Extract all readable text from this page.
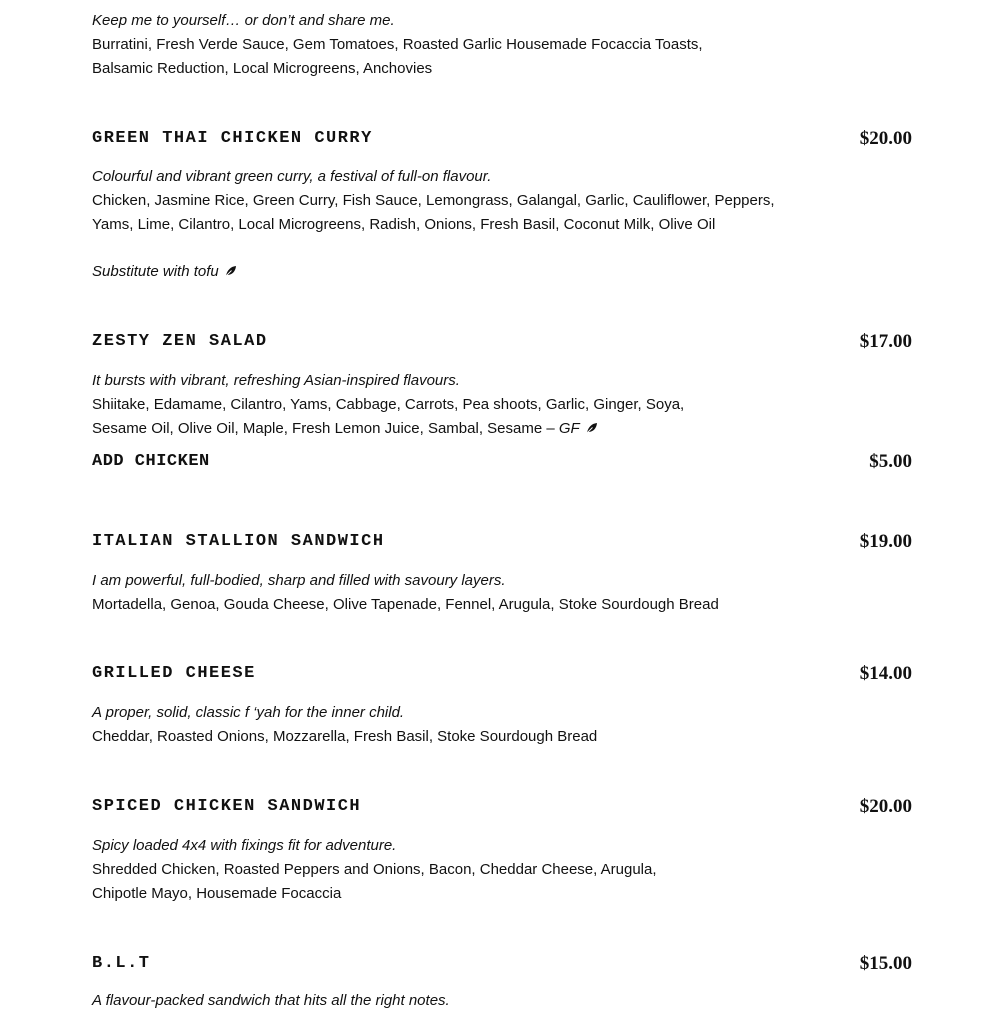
Keep me to yourself… or don’t and share me.
Burratini, Fresh Verde Sauce, Gem Tomatoes, Roasted Garlic Housemade Focaccia Toasts,
Balsamic Reduction, Local Microgreens, Anchovies
GREEN THAI CHICKEN CURRY	$20.00
Colourful and vibrant green curry, a festival of full-on flavour.
Chicken, Jasmine Rice, Green Curry, Fish Sauce, Lemongrass, Galangal, Garlic, Cauliflower, Peppers,
Yams, Lime, Cilantro, Local Microgreens, Radish, Onions, Fresh Basil, Coconut Milk, Olive Oil
Substitute with tofu
ZESTY ZEN SALAD	$17.00
It bursts with vibrant, refreshing Asian-inspired flavours.
Shiitake, Edamame, Cilantro, Yams, Cabbage, Carrots, Pea shoots, Garlic, Ginger, Soya,
Sesame Oil, Olive Oil, Maple, Fresh Lemon Juice, Sambal, Sesame – GF
ADD CHICKEN	$5.00
ITALIAN STALLION SANDWICH	$19.00
I am powerful, full-bodied, sharp and filled with savoury layers.
Mortadella, Genoa, Gouda Cheese, Olive Tapenade, Fennel, Arugula, Stoke Sourdough Bread
GRILLED CHEESE	$14.00
A proper, solid, classic f ‘yah for the inner child.
Cheddar, Roasted Onions, Mozzarella, Fresh Basil, Stoke Sourdough Bread
SPICED CHICKEN SANDWICH	$20.00
Spicy loaded 4x4 with fixings fit for adventure.
Shredded Chicken, Roasted Peppers and Onions, Bacon, Cheddar Cheese, Arugula,
Chipotle Mayo, Housemade Focaccia
B.L.T	$15.00
A flavour-packed sandwich that hits all the right notes.
